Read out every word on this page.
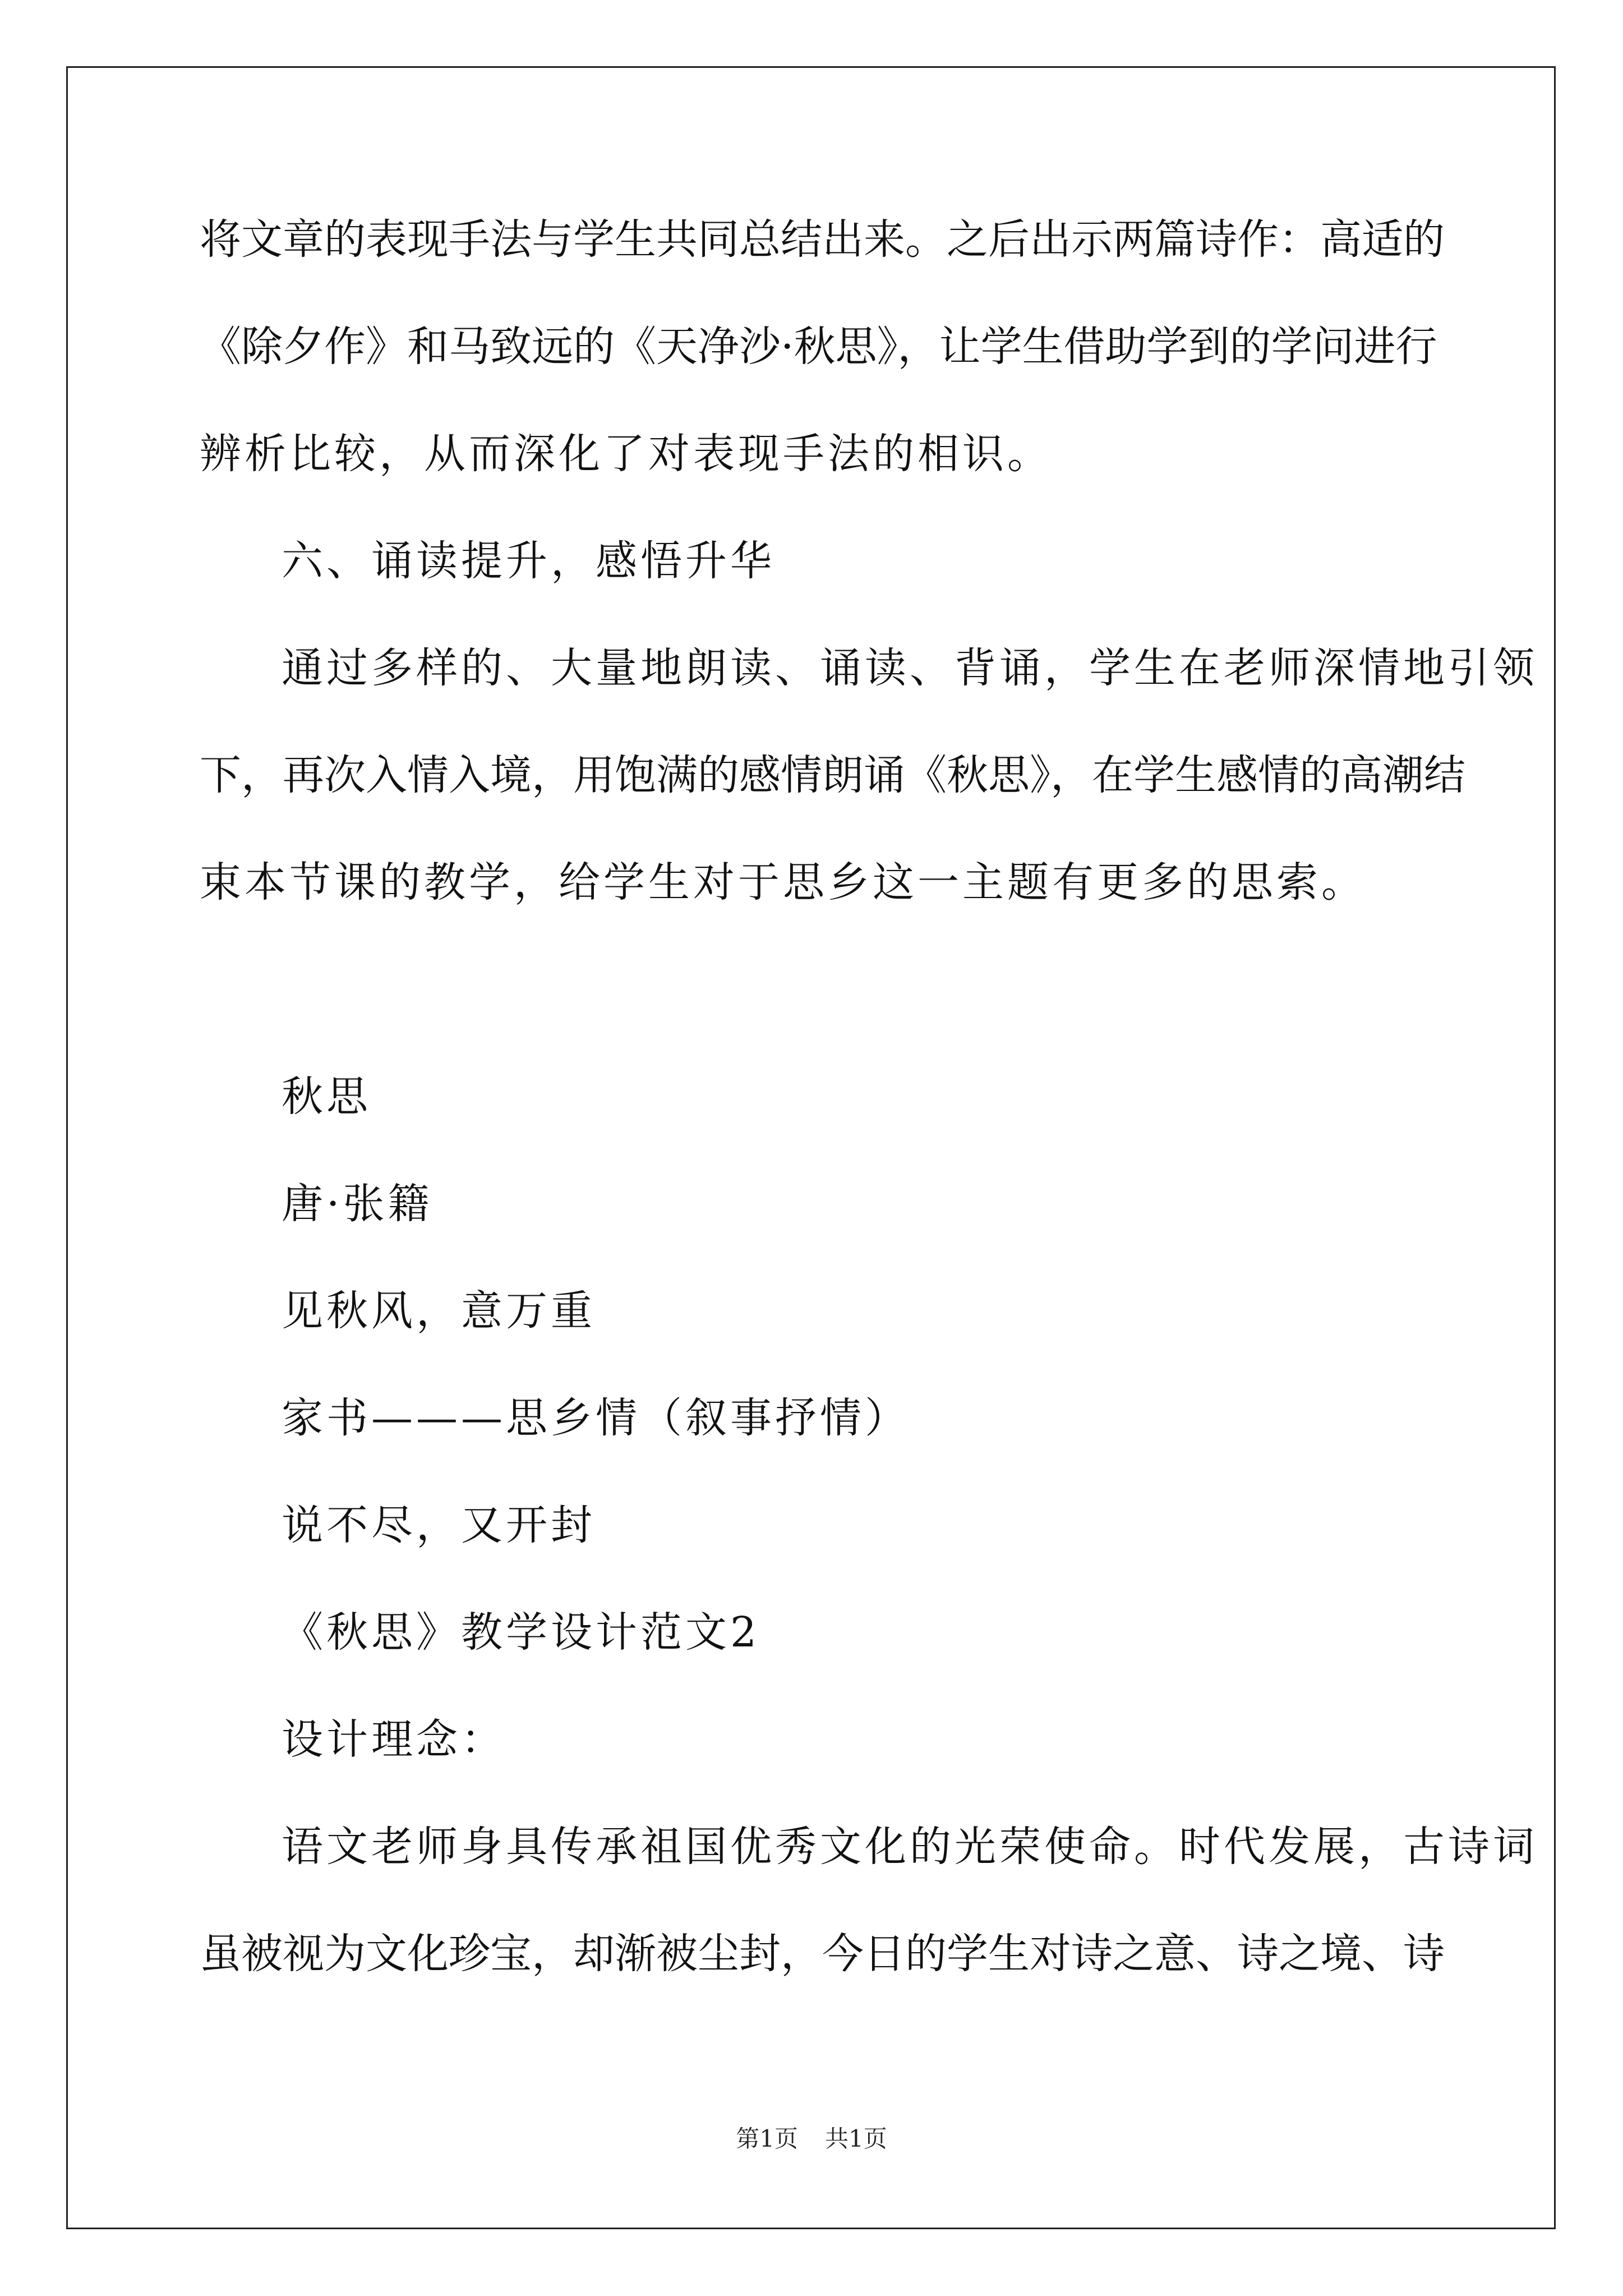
将文章的表现手法与学生共同总结出来。之后出示两篇诗作：高适的
《除夕作》和马致远的《天净沙·秋思》，让学生借助学到的学问进行
辨析比较，从而深化了对表现手法的相识。
六、诵读提升，感悟升华
通过多样的、大量地朗读、诵读、背诵，学生在老师深情地引领
下，再次入情入境，用饱满的感情朗诵《秋思》，在学生感情的高潮结
束本节课的教学，给学生对于思乡这一主题有更多的思索。
秋思
唐·张籍
见秋风，意万重
家书———思乡情（叙事抒情）
说不尽，又开封
《秋思》教学设计范文2
设计理念：
语文老师身具传承祖国优秀文化的光荣使命。时代发展，古诗词
虽被视为文化珍宝，却渐被尘封，今日的学生对诗之意、诗之境、诗
第1页 共1页
